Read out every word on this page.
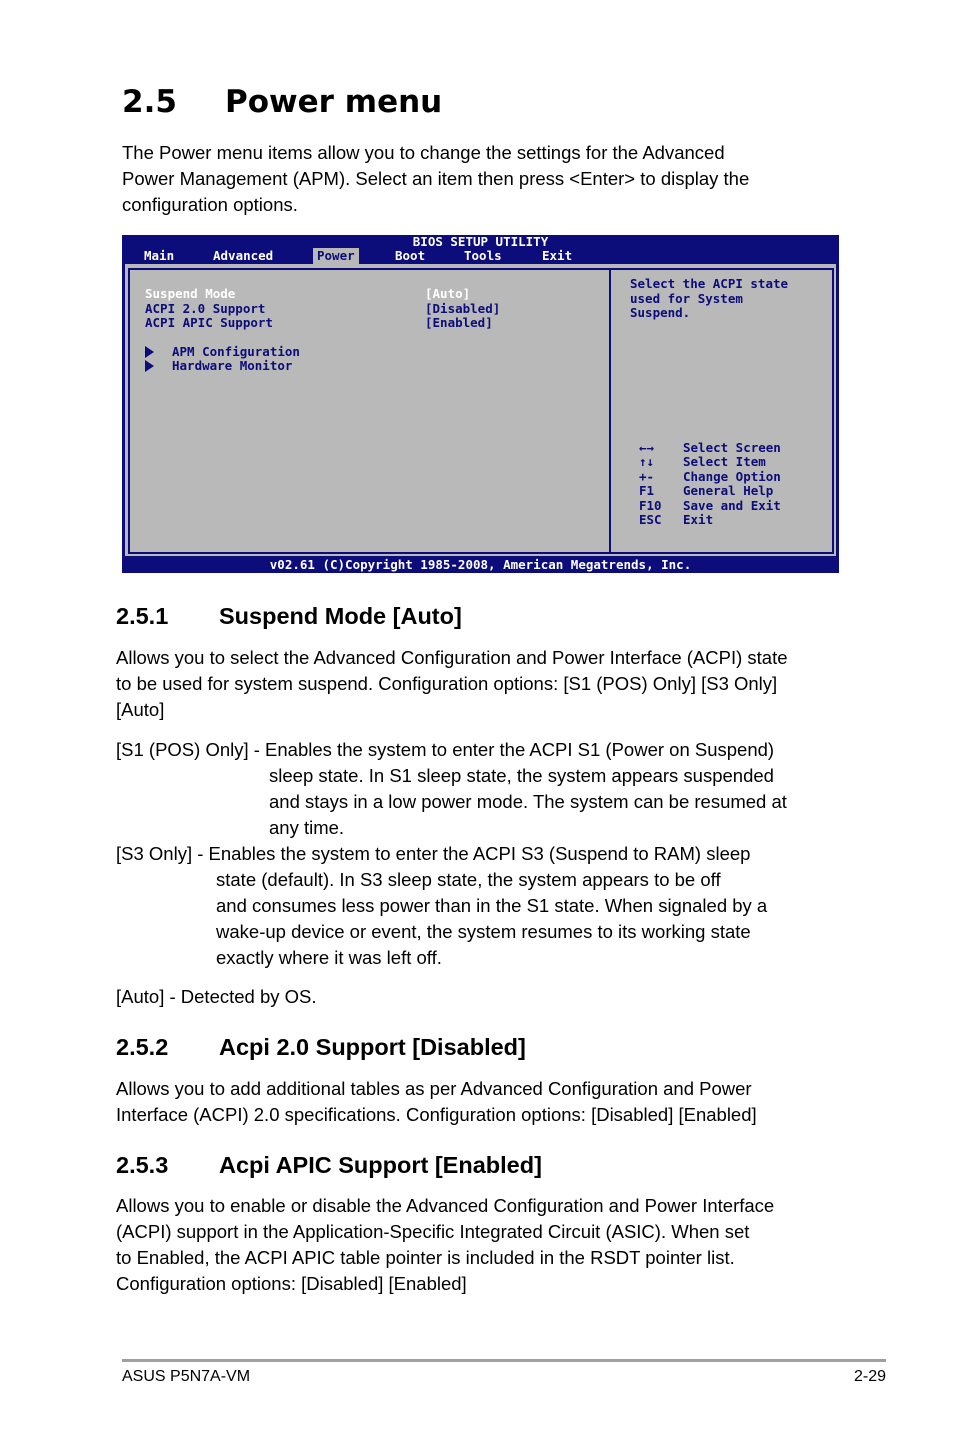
2.5 Power menu
The Power menu items allow you to change the settings for the Advanced
Power Management (APM). Select an item then press <Enter> to display the
configuration options.
BIOS SETUP UTILITY

Main

	Advanced

	Power

	Boot

	Tools

	Exit

Suspend Mode	[Auto]
ACPI 2.0 Support	[Disabled]
ACPI APIC Support	[Enabled]
APM Configuration
Hardware Monitor
Select the ACPI state
used for System
Suspend.
←→ Select Screen
↑↓ Select Item
+- Change Option
F1 General Help
F10 Save and Exit
ESC Exit
v02.61 (C)Copyright 1985-2008, American Megatrends, Inc.
2.5.1 Suspend Mode [Auto]
Allows you to select the Advanced Configuration and Power Interface (ACPI) state
to be used for system suspend. Configuration options: [S1 (POS) Only] [S3 Only]
[Auto]
[S1 (POS) Only] - Enables the system to enter the ACPI S1 (Power on Suspend)
sleep state. In S1 sleep state, the system appears suspended
and stays in a low power mode. The system can be resumed at
any time.
[S3 Only] - Enables the system to enter the ACPI S3 (Suspend to RAM) sleep
state (default). In S3 sleep state, the system appears to be off
and consumes less power than in the S1 state. When signaled by a
wake-up device or event, the system resumes to its working state
exactly where it was left off.
[Auto] - Detected by OS.
2.5.2 Acpi 2.0 Support [Disabled]
Allows you to add additional tables as per Advanced Configuration and Power
Interface (ACPI) 2.0 specifications. Configuration options: [Disabled] [Enabled]
2.5.3 Acpi APIC Support [Enabled]
Allows you to enable or disable the Advanced Configuration and Power Interface
(ACPI) support in the Application-Specific Integrated Circuit (ASIC). When set
to Enabled, the ACPI APIC table pointer is included in the RSDT pointer list.
Configuration options: [Disabled] [Enabled]
ASUS P5N7A-VM	2-29
